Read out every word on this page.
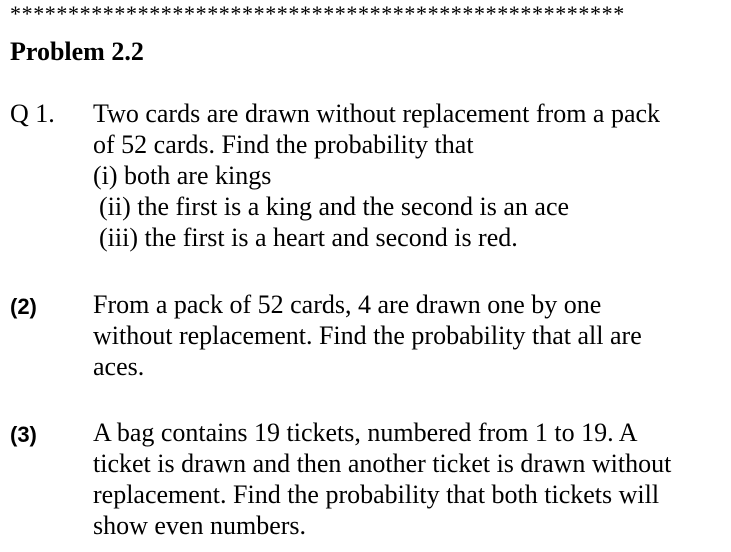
*****************************************************
Problem 2.2
Q 1. Two cards are drawn without replacement from a pack
of 52 cards. Find the probability that
(i) both are kings
(ii) the first is a king and the second is an ace
(iii) the first is a heart and second is red.
(2) From a pack of 52 cards, 4 are drawn one by one
without replacement. Find the probability that all are
aces.
(3) A bag contains 19 tickets, numbered from 1 to 19. A
ticket is drawn and then another ticket is drawn without
replacement. Find the probability that both tickets will
show even numbers.
